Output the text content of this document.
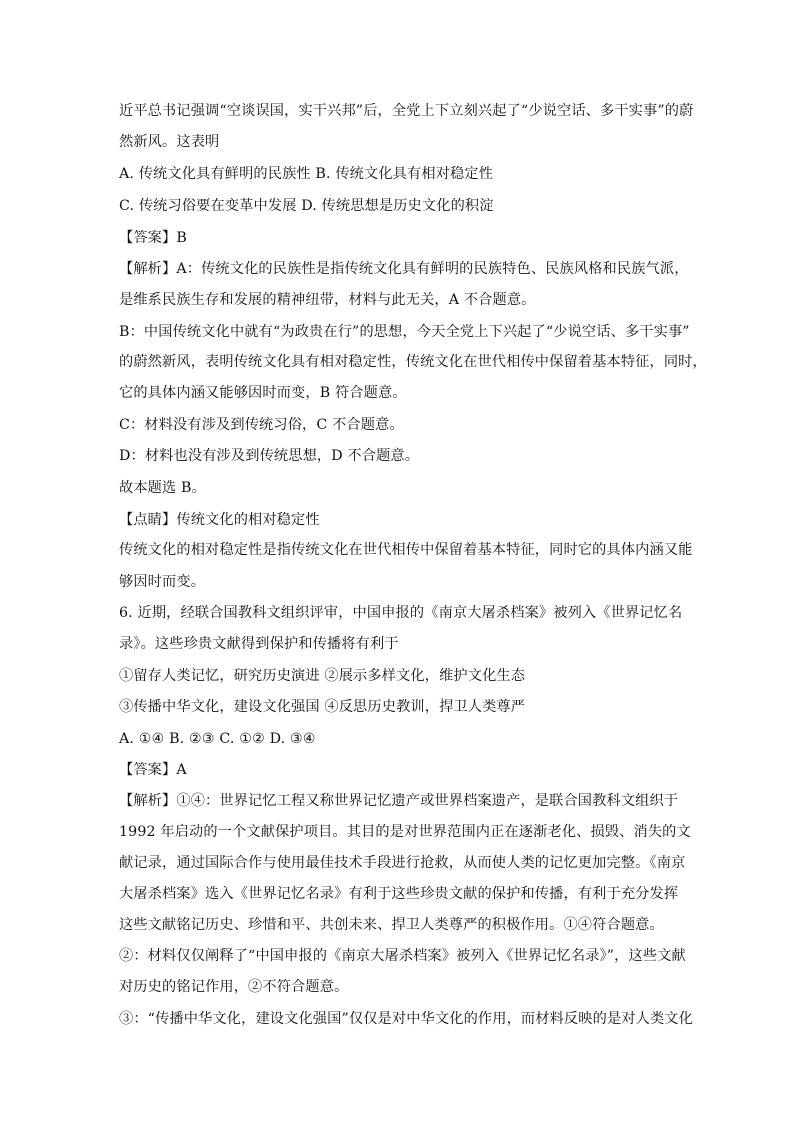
近平总书记强调“空谈误国，实干兴邦”后，全党上下立刻兴起了“少说空话、多干实事”的蔚
然新风。这表明
A. 传统文化具有鲜明的民族性 B. 传统文化具有相对稳定性
C. 传统习俗要在变革中发展 D. 传统思想是历史文化的积淀
【答案】B
【解析】A：传统文化的民族性是指传统文化具有鲜明的民族特色、民族风格和民族气派，
是维系民族生存和发展的精神纽带，材料与此无关，A 不合题意。
B：中国传统文化中就有“为政贵在行”的思想，今天全党上下兴起了“少说空话、多干实事”
的蔚然新风，表明传统文化具有相对稳定性，传统文化在世代相传中保留着基本特征，同时，
它的具体内涵又能够因时而变，B 符合题意。
C：材料没有涉及到传统习俗，C 不合题意。
D：材料也没有涉及到传统思想，D 不合题意。
故本题选 B。
【点睛】传统文化的相对稳定性
传统文化的相对稳定性是指传统文化在世代相传中保留着基本特征，同时它的具体内涵又能
够因时而变。
6. 近期，经联合国教科文组织评审，中国申报的《南京大屠杀档案》被列入《世界记忆名
录》。这些珍贵文献得到保护和传播将有利于
①留存人类记忆，研究历史演进 ②展示多样文化，维护文化生态
③传播中华文化，建设文化强国 ④反思历史教训，捍卫人类尊严
A. ①④ B. ②③ C. ①② D. ③④
【答案】A
【解析】①④：世界记忆工程又称世界记忆遗产或世界档案遗产，是联合国教科文组织于
1992 年启动的一个文献保护项目。其目的是对世界范围内正在逐渐老化、损毁、消失的文
献记录，通过国际合作与使用最佳技术手段进行抢救，从而使人类的记忆更加完整。《南京
大屠杀档案》选入《世界记忆名录》有利于这些珍贵文献的保护和传播，有利于充分发挥
这些文献铭记历史、珍惜和平、共创未来、捍卫人类尊严的积极作用。①④符合题意。
②：材料仅仅阐释了“中国申报的《南京大屠杀档案》被列入《世界记忆名录》”，这些文献
对历史的铭记作用，②不符合题意。
③：“传播中华文化，建设文化强国”仅仅是对中华文化的作用，而材料反映的是对人类文化
